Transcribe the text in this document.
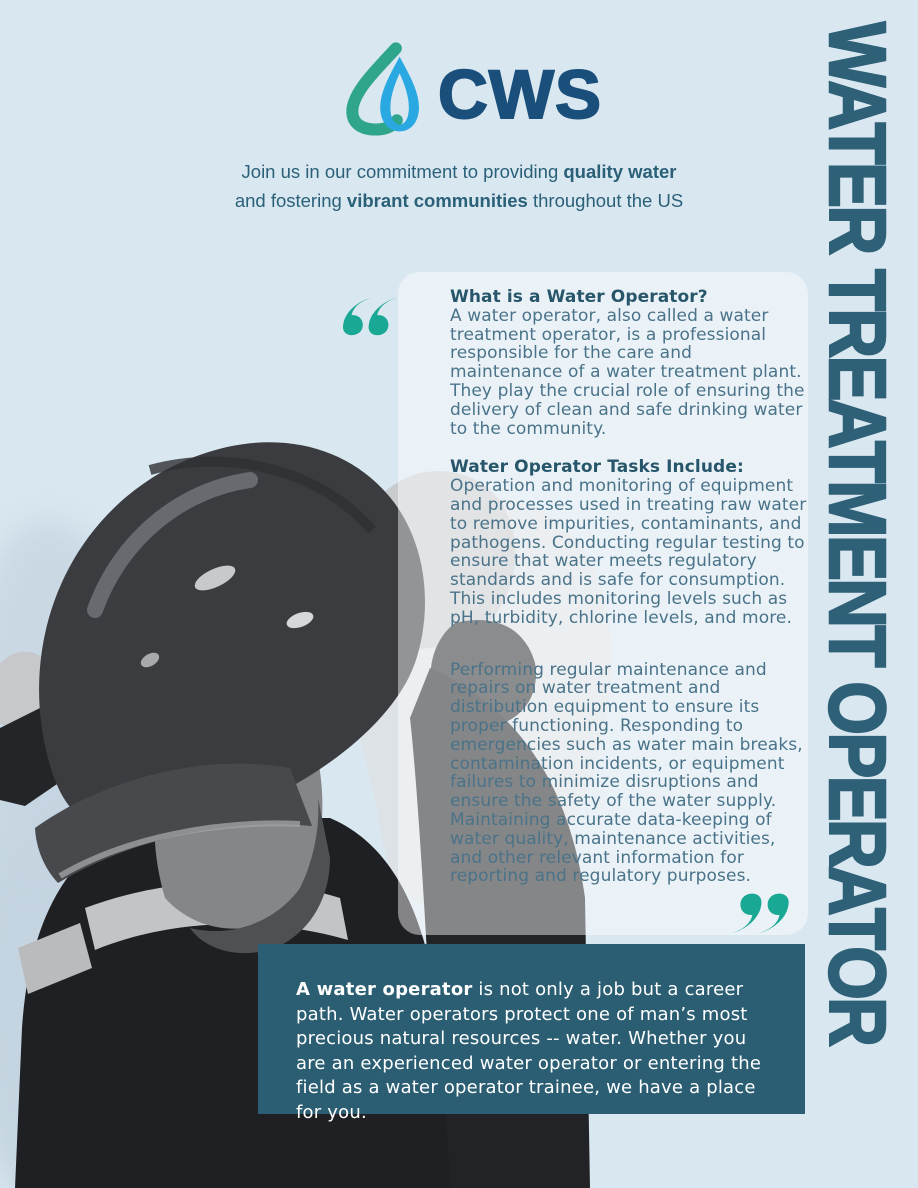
CWS
Join us in our commitment to providing quality water
and fostering vibrant communities throughout the US
What is a Water Operator?
A water operator, also called a water treatment operator, is a professional responsible for the care and maintenance of a water treatment plant. They play the crucial role of ensuring the delivery of clean and safe drinking water to the community.
Water Operator Tasks Include:
Operation and monitoring of equipment and processes used in treating raw water to remove impurities, contaminants, and pathogens. Conducting regular testing to ensure that water meets regulatory standards and is safe for consumption. This includes monitoring levels such as pH, turbidity, chlorine levels, and more.
Performing regular maintenance and repairs on water treatment and distribution equipment to ensure its proper functioning. Responding to emergencies such as water main breaks, contamination incidents, or equipment failures to minimize disruptions and ensure the safety of the water supply. Maintaining accurate data-keeping of water quality, maintenance activities, and other relevant information for reporting and regulatory purposes.
A water operator is not only a job but a career path. Water operators protect one of man’s most precious natural resources -- water. Whether you are an experienced water operator or entering the field as a water operator trainee, we have a place for you.
WATER TREATMENT OPERATOR
